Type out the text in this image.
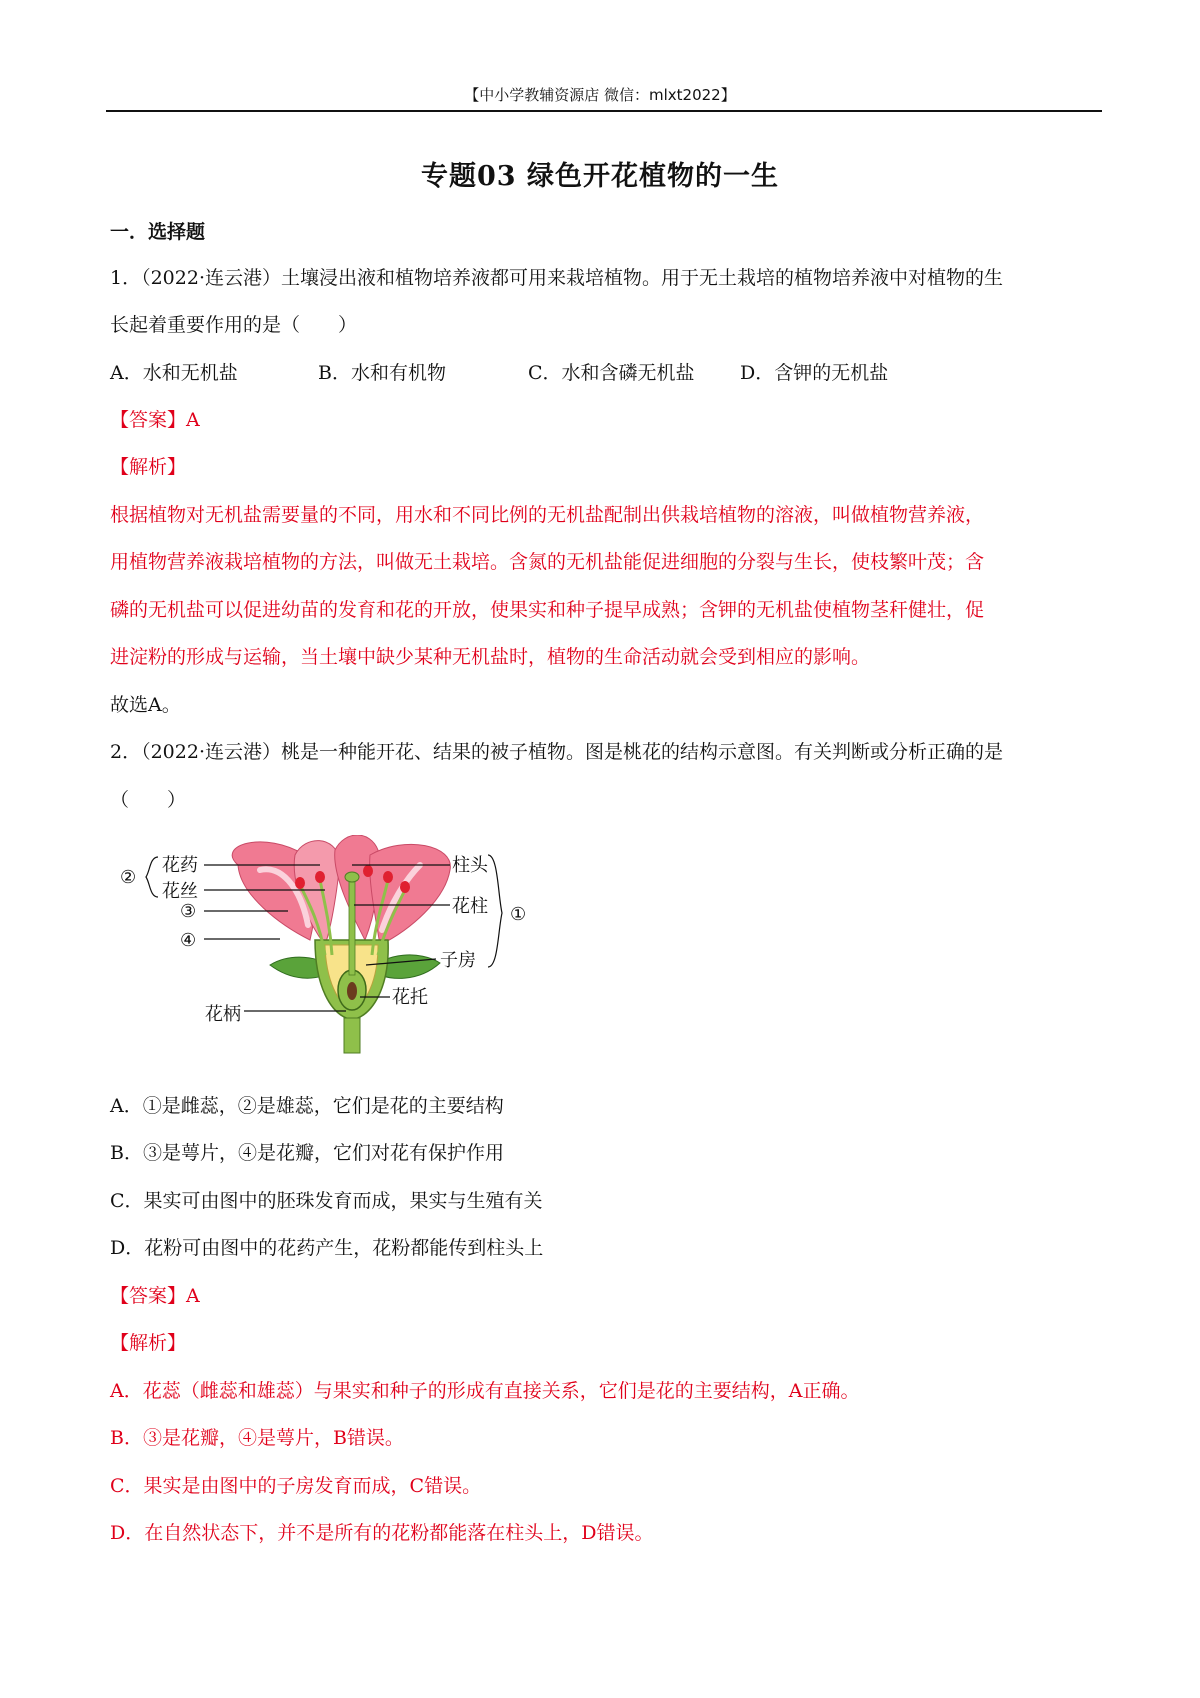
【中小学教辅资源店 微信：mlxt2022】
专题03 绿色开花植物的一生
一．选择题
1．（2022·连云港）土壤浸出液和植物培养液都可用来栽培植物。用于无土栽培的植物培养液中对植物的生
长起着重要作用的是（　　）
A．水和无机盐	B．水和有机物	C．水和含磷无机盐 D．含钾的无机盐
【答案】A
【解析】
根据植物对无机盐需要量的不同，用水和不同比例的无机盐配制出供栽培植物的溶液，叫做植物营养液，
用植物营养液栽培植物的方法，叫做无土栽培。含氮的无机盐能促进细胞的分裂与生长，使枝繁叶茂；含
磷的无机盐可以促进幼苗的发育和花的开放，使果实和种子提早成熟；含钾的无机盐使植物茎秆健壮，促
进淀粉的形成与运输，当土壤中缺少某种无机盐时，植物的生命活动就会受到相应的影响。
故选A。
2．（2022·连云港）桃是一种能开花、结果的被子植物。图是桃花的结构示意图。有关判断或分析正确的是
（　　）
②
花药
花丝
③
④
花柄
柱头
花柱
子房
花托
①
A．①是雌蕊，②是雄蕊，它们是花的主要结构
B．③是萼片，④是花瓣，它们对花有保护作用
C．果实可由图中的胚珠发育而成，果实与生殖有关
D．花粉可由图中的花药产生，花粉都能传到柱头上
【答案】A
【解析】
A．花蕊（雌蕊和雄蕊）与果实和种子的形成有直接关系，它们是花的主要结构，A正确。
B．③是花瓣，④是萼片，B错误。
C．果实是由图中的子房发育而成，C错误。
D．在自然状态下，并不是所有的花粉都能落在柱头上，D错误。
